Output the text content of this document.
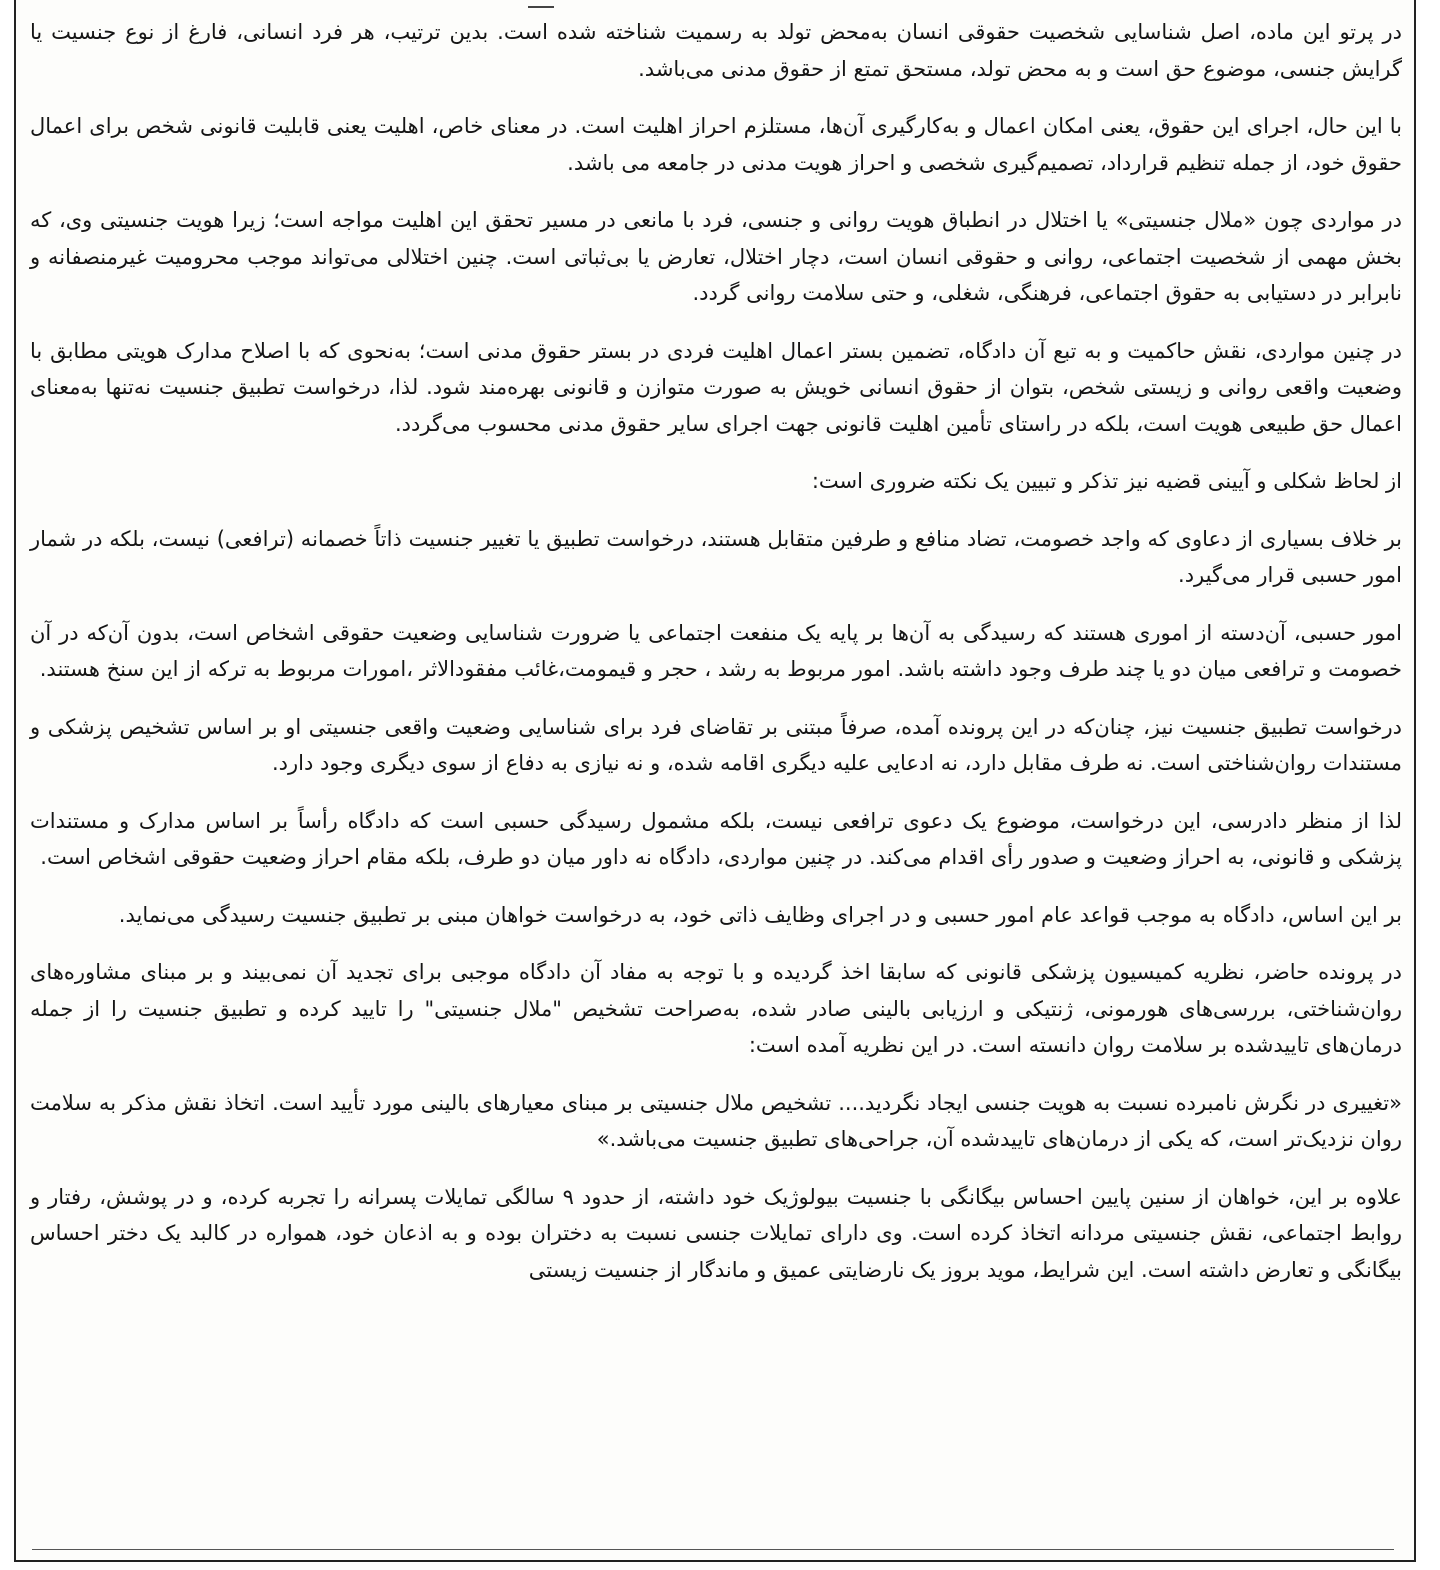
در پرتو این ماده، اصل شناسایی شخصیت حقوقی انسان به‌محض تولد به رسمیت شناخته شده است. بدین ترتیب، هر فرد انسانی، فارغ از نوع جنسیت یا گرایش جنسی، موضوع حق است و به محض تولد، مستحق تمتع از حقوق مدنی می‌باشد.

با این حال، اجرای این حقوق، یعنی امکان اعمال و به‌کارگیری آن‌ها، مستلزم احراز اهلیت است. در معنای خاص، اهلیت یعنی قابلیت قانونی شخص برای اعمال حقوق خود، از جمله تنظیم قرارداد، تصمیم‌گیری شخصی و احراز هویت مدنی در جامعه می باشد.

در مواردی چون «ملال جنسیتی» یا اختلال در انطباق هویت روانی و جنسی، فرد با مانعی در مسیر تحقق این اهلیت مواجه است؛ زیرا هویت جنسیتی وی، که بخش مهمی از شخصیت اجتماعی، روانی و حقوقی انسان است، دچار اختلال، تعارض یا بی‌ثباتی است. چنین اختلالی می‌تواند موجب محرومیت غیرمنصفانه و نابرابر در دستیابی به حقوق اجتماعی، فرهنگی، شغلی، و حتی سلامت روانی گردد.

در چنین مواردی، نقش حاکمیت و به تبع آن دادگاه، تضمین بستر اعمال اهلیت فردی در بستر حقوق مدنی است؛ به‌نحوی که با اصلاح مدارک هویتی مطابق با وضعیت واقعی روانی و زیستی شخص، بتوان از حقوق انسانی خویش به صورت متوازن و قانونی بهره‌مند شود. لذا، درخواست تطبیق جنسیت نه‌تنها به‌معنای اعمال حق طبیعی هویت است، بلکه در راستای تأمین اهلیت قانونی جهت اجرای سایر حقوق مدنی محسوب می‌گردد.

از لحاظ شکلی و آیینی قضیه نیز تذکر و تبیین یک نکته ضروری است:

بر خلاف بسیاری از دعاوی که واجد خصومت، تضاد منافع و طرفین متقابل هستند، درخواست تطبیق یا تغییر جنسیت ذاتاً خصمانه (ترافعی) نیست، بلکه در شمار امور حسبی قرار می‌گیرد.

امور حسبی، آن‌دسته از اموری هستند که رسیدگی به آن‌ها بر پایه یک منفعت اجتماعی یا ضرورت شناسایی وضعیت حقوقی اشخاص است، بدون آن‌که در آن خصومت و ترافعی میان دو یا چند طرف وجود داشته باشد. امور مربوط به رشد ، حجر و قیمومت،غائب مفقودالاثر ،امورات مربوط به ترکه از این سنخ هستند.

درخواست تطبیق جنسیت نیز، چنان‌که در این پرونده آمده، صرفاً مبتنی بر تقاضای فرد برای شناسایی وضعیت واقعی جنسیتی او بر اساس تشخیص پزشکی و مستندات روان‌شناختی است. نه طرف مقابل دارد، نه ادعایی علیه دیگری اقامه شده، و نه نیازی به دفاع از سوی دیگری وجود دارد.

لذا از منظر دادرسی، این درخواست، موضوع یک دعوی ترافعی نیست، بلکه مشمول رسیدگی حسبی است که دادگاه رأساً بر اساس مدارک و مستندات پزشکی و قانونی، به احراز وضعیت و صدور رأی اقدام می‌کند. در چنین مواردی، دادگاه نه داور میان دو طرف، بلکه مقام احراز وضعیت حقوقی اشخاص است.

بر این اساس، دادگاه به موجب قواعد عام امور حسبی و در اجرای وظایف ذاتی خود، به درخواست خواهان مبنی بر تطبیق جنسیت رسیدگی می‌نماید.

در پرونده حاضر، نظریه کمیسیون پزشکی قانونی که سابقا اخذ گردیده و با توجه به مفاد آن دادگاه موجبی برای تجدید آن نمی‌بیند و بر مبنای مشاوره‌های روان‌شناختی، بررسی‌های هورمونی، ژنتیکی و ارزیابی بالینی صادر شده، به‌صراحت تشخیص "ملال جنسیتی" را تایید کرده و تطبیق جنسیت را از جمله درمان‌های تاییدشده بر سلامت روان دانسته است. در این نظریه آمده است:

«تغییری در نگرش نامبرده نسبت به هویت جنسی ایجاد نگردید.... تشخیص ملال جنسیتی بر مبنای معیارهای بالینی مورد تأیید است. اتخاذ نقش مذکر به سلامت روان نزدیک‌تر است، که یکی از درمان‌های تاییدشده آن، جراحی‌های تطبیق جنسیت می‌باشد.»

علاوه بر این، خواهان از سنین پایین احساس بیگانگی با جنسیت بیولوژیک خود داشته، از حدود ۹ سالگی تمایلات پسرانه را تجربه کرده، و در پوشش، رفتار و روابط اجتماعی، نقش جنسیتی مردانه اتخاذ کرده است. وی دارای تمایلات جنسی نسبت به دختران بوده و به اذعان خود، همواره در کالبد یک دختر احساس بیگانگی و تعارض داشته است. این شرایط، موید بروز یک نارضایتی عمیق و ماندگار از جنسیت زیستی
